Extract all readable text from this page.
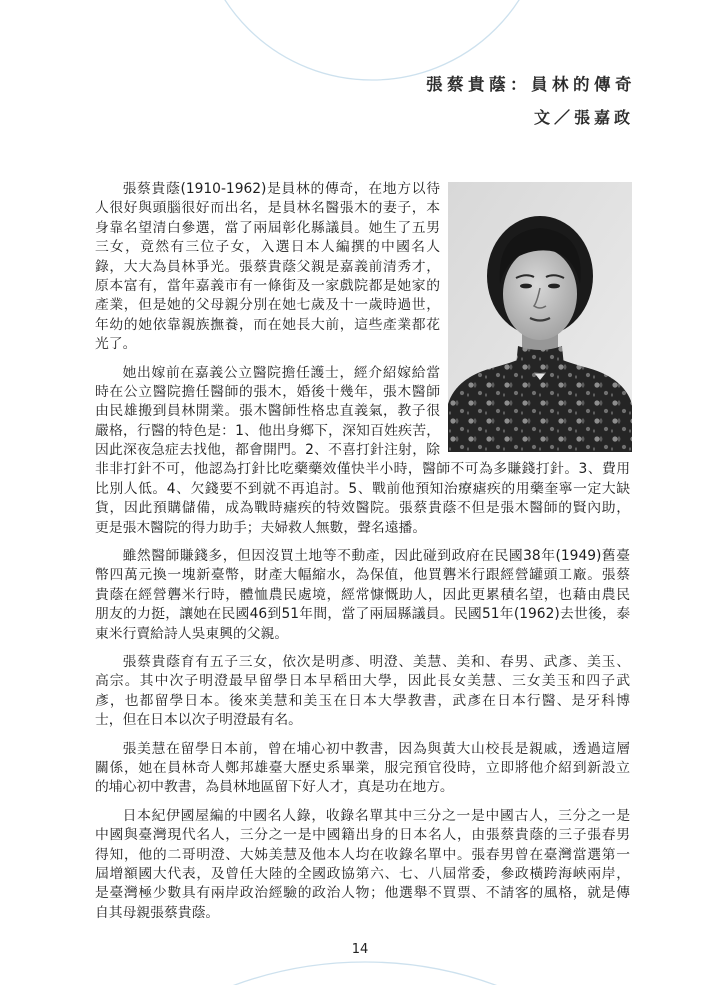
張蔡貴蔭：員林的傳奇
文／張嘉政
張蔡貴蔭(1910-1962)是員林的傳奇，在地方以待
人很好與頭腦很好而出名，是員林名醫張木的妻子，本
身靠名望清白參選，當了兩屆彰化縣議員。她生了五男
三女，竟然有三位子女，入選日本人編撰的中國名人
錄，大大為員林爭光。張蔡貴蔭父親是嘉義前清秀才，
原本富有，當年嘉義市有一條街及一家戲院都是她家的
產業，但是她的父母親分別在她七歲及十一歲時過世，
年幼的她依靠親族撫養，而在她長大前，這些產業都花
光了。
她出嫁前在嘉義公立醫院擔任護士，經介紹嫁給當
時在公立醫院擔任醫師的張木，婚後十幾年，張木醫師
由民雄搬到員林開業。張木醫師性格忠直義氣，教子很
嚴格，行醫的特色是：1、他出身鄉下，深知百姓疾苦，
因此深夜急症去找他，都會開門。2、不喜打針注射，除
非非打針不可，他認為打針比吃藥藥效僅快半小時，醫師不可為多賺錢打針。3、費用
比別人低。4、欠錢要不到就不再追討。5、戰前他預知治療瘧疾的用藥奎寧一定大缺
貨，因此預購儲備，成為戰時瘧疾的特效醫院。張蔡貴蔭不但是張木醫師的賢內助，
更是張木醫院的得力助手；夫婦救人無數，聲名遠播。
雖然醫師賺錢多，但因沒買土地等不動產，因此碰到政府在民國38年(1949)舊臺
幣四萬元換一塊新臺幣，財產大幅縮水，為保值，他買礱米行跟經營罐頭工廠。張蔡
貴蔭在經營礱米行時，體恤農民處境，經常慷慨助人，因此更累積名望，也藉由農民
朋友的力挺，讓她在民國46到51年間，當了兩屆縣議員。民國51年(1962)去世後，泰
東米行賣給詩人吳東興的父親。
張蔡貴蔭育有五子三女，依次是明彥、明澄、美慧、美和、春男、武彥、美玉、
高宗。其中次子明澄最早留學日本早稻田大學，因此長女美慧、三女美玉和四子武
彥，也都留學日本。後來美慧和美玉在日本大學教書，武彥在日本行醫、是牙科博
士，但在日本以次子明澄最有名。
張美慧在留學日本前，曾在埔心初中教書，因為與黃大山校長是親戚，透過這層
關係，她在員林奇人鄭邦雄臺大歷史系畢業，服完預官役時，立即將他介紹到新設立
的埔心初中教書，為員林地區留下好人才，真是功在地方。
日本紀伊國屋編的中國名人錄，收錄名單其中三分之一是中國古人，三分之一是
中國與臺灣現代名人，三分之一是中國籍出身的日本名人，由張蔡貴蔭的三子張春男
得知，他的二哥明澄、大姊美慧及他本人均在收錄名單中。張春男曾在臺灣當選第一
屆增額國大代表，及曾任大陸的全國政協第六、七、八屆常委，參政橫跨海峽兩岸，
是臺灣極少數具有兩岸政治經驗的政治人物；他選舉不買票、不請客的風格，就是傳
自其母親張蔡貴蔭。
14
